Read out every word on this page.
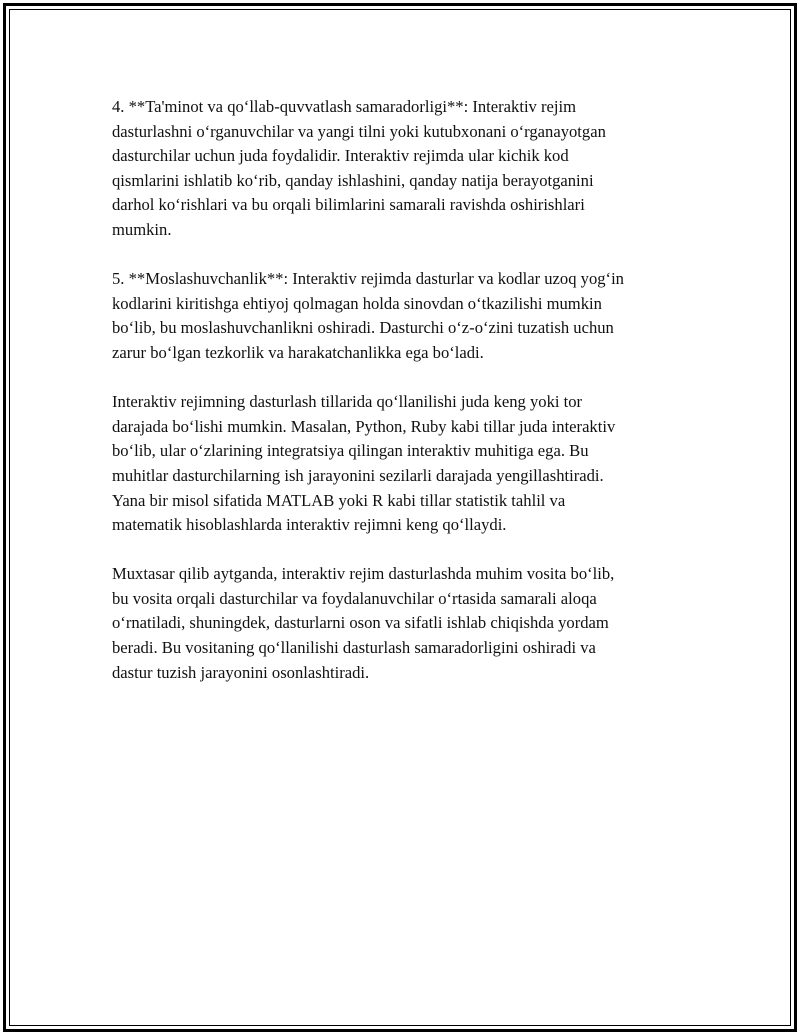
4. **Ta'minot va qo‘llab-quvvatlash samaradorligi**: Interaktiv rejim
dasturlashni o‘rganuvchilar va yangi tilni yoki kutubxonani o‘rganayotgan
dasturchilar uchun juda foydalidir. Interaktiv rejimda ular kichik kod
qismlarini ishlatib ko‘rib, qanday ishlashini, qanday natija berayotganini
darhol ko‘rishlari va bu orqali bilimlarini samarali ravishda oshirishlari
mumkin.

5. **Moslashuvchanlik**: Interaktiv rejimda dasturlar va kodlar uzoq yog‘in
kodlarini kiritishga ehtiyoj qolmagan holda sinovdan o‘tkazilishi mumkin
bo‘lib, bu moslashuvchanlikni oshiradi. Dasturchi o‘z-o‘zini tuzatish uchun
zarur bo‘lgan tezkorlik va harakatchanlikka ega bo‘ladi.

Interaktiv rejimning dasturlash tillarida qo‘llanilishi juda keng yoki tor
darajada bo‘lishi mumkin. Masalan, Python, Ruby kabi tillar juda interaktiv
bo‘lib, ular o‘zlarining integratsiya qilingan interaktiv muhitiga ega. Bu
muhitlar dasturchilarning ish jarayonini sezilarli darajada yengillashtiradi.
Yana bir misol sifatida MATLAB yoki R kabi tillar statistik tahlil va
matematik hisoblashlarda interaktiv rejimni keng qo‘llaydi.

Muxtasar qilib aytganda, interaktiv rejim dasturlashda muhim vosita bo‘lib,
bu vosita orqali dasturchilar va foydalanuvchilar o‘rtasida samarali aloqa
o‘rnatiladi, shuningdek, dasturlarni oson va sifatli ishlab chiqishda yordam
beradi. Bu vositaning qo‘llanilishi dasturlash samaradorligini oshiradi va
dastur tuzish jarayonini osonlashtiradi.
